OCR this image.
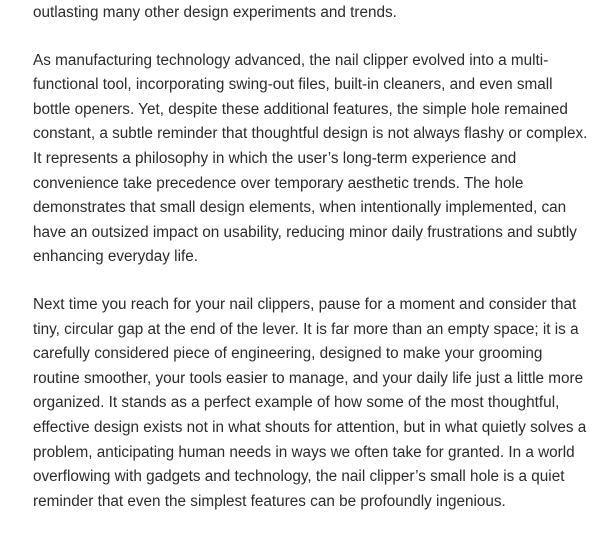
outlasting many other design experiments and trends.

As manufacturing technology advanced, the nail clipper evolved into a multi-functional tool, incorporating swing-out files, built-in cleaners, and even small bottle openers. Yet, despite these additional features, the simple hole remained constant, a subtle reminder that thoughtful design is not always flashy or complex. It represents a philosophy in which the user’s long-term experience and convenience take precedence over temporary aesthetic trends. The hole demonstrates that small design elements, when intentionally implemented, can have an outsized impact on usability, reducing minor daily frustrations and subtly enhancing everyday life.

Next time you reach for your nail clippers, pause for a moment and consider that tiny, circular gap at the end of the lever. It is far more than an empty space; it is a carefully considered piece of engineering, designed to make your grooming routine smoother, your tools easier to manage, and your daily life just a little more organized. It stands as a perfect example of how some of the most thoughtful, effective design exists not in what shouts for attention, but in what quietly solves a problem, anticipating human needs in ways we often take for granted. In a world overflowing with gadgets and technology, the nail clipper’s small hole is a quiet reminder that even the simplest features can be profoundly ingenious.
